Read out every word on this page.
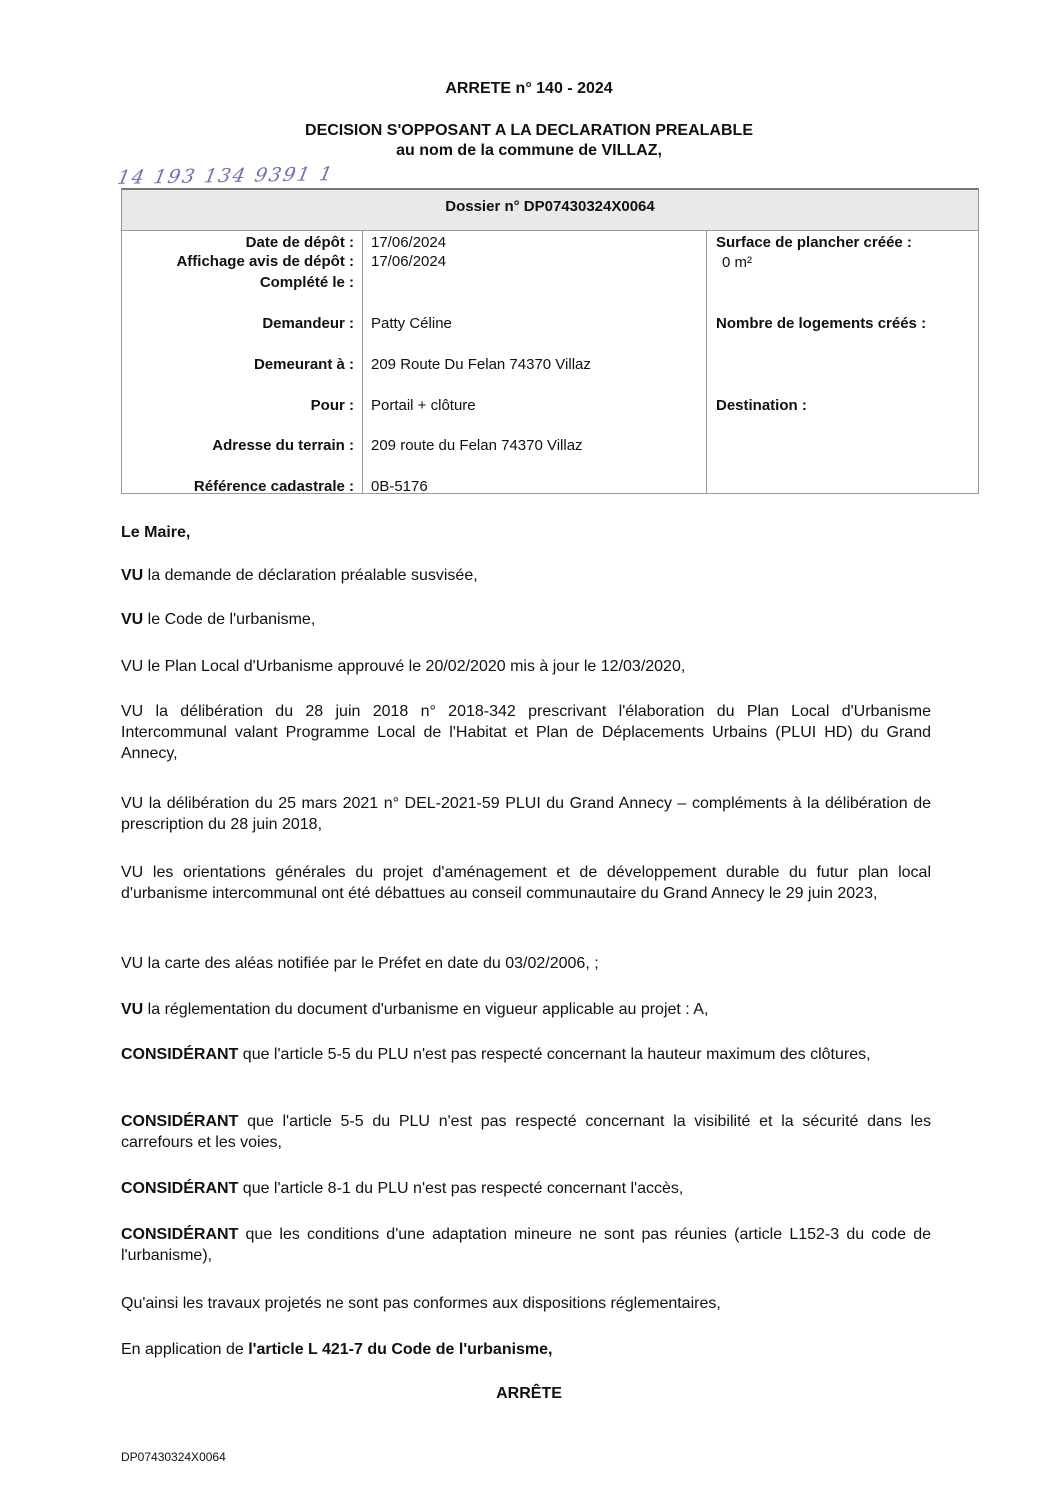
ARRETE n° 140 - 2024
DECISION S'OPPOSANT A LA DECLARATION PREALABLE
au nom de la commune de VILLAZ,
14 193 134 9391 1
Dossier n° DP07430324X0064
Date de dépôt : 17/06/2024
Affichage avis de dépôt : 17/06/2024
Complété le :
Demandeur : Patty Céline
Demeurant à : 209 Route Du Felan 74370 Villaz
Pour : Portail + clôture
Adresse du terrain : 209 route du Felan 74370 Villaz
Référence cadastrale : 0B-5176
Surface de plancher créée :
0 m²
Nombre de logements créés :
Destination :
Le Maire,
VU la demande de déclaration préalable susvisée,
VU le Code de l'urbanisme,
VU le Plan Local d'Urbanisme approuvé le 20/02/2020 mis à jour le 12/03/2020,
VU la délibération du 28 juin 2018 n° 2018-342 prescrivant l'élaboration du Plan Local d'Urbanisme Intercommunal valant Programme Local de l'Habitat et Plan de Déplacements Urbains (PLUI HD) du Grand Annecy,
VU la délibération du 25 mars 2021 n° DEL-2021-59 PLUI du Grand Annecy – compléments à la délibération de prescription du 28 juin 2018,
VU les orientations générales du projet d'aménagement et de développement durable du futur plan local d'urbanisme intercommunal ont été débattues au conseil communautaire du Grand Annecy le 29 juin 2023,
VU la carte des aléas notifiée par le Préfet en date du 03/02/2006, ;
VU la réglementation du document d'urbanisme en vigueur applicable au projet : A,
CONSIDÉRANT que l'article 5-5 du PLU n'est pas respecté concernant la hauteur maximum des clôtures,
CONSIDÉRANT que l'article 5-5 du PLU n'est pas respecté concernant la visibilité et la sécurité dans les carrefours et les voies,
CONSIDÉRANT que l'article 8-1 du PLU n'est pas respecté concernant l'accès,
CONSIDÉRANT que les conditions d'une adaptation mineure ne sont pas réunies (article L152-3 du code de l'urbanisme),
Qu'ainsi les travaux projetés ne sont pas conformes aux dispositions réglementaires,
En application de l'article L 421-7 du Code de l'urbanisme,
ARRÊTE
DP07430324X0064
